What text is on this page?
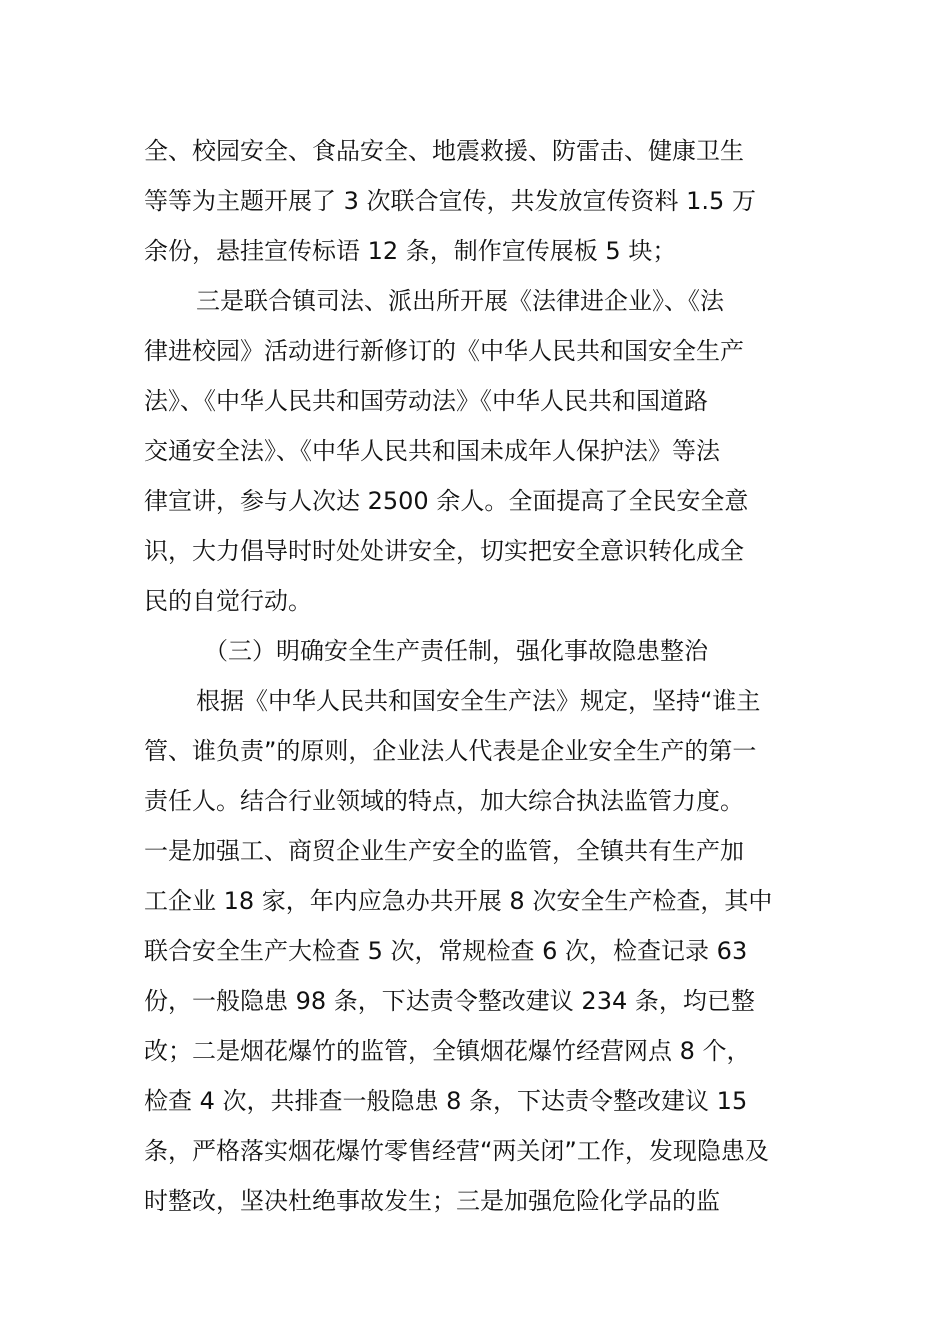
全、校园安全、食品安全、地震救援、防雷击、健康卫生
等等为主题开展了 3 次联合宣传，共发放宣传资料 1.5 万
余份，悬挂宣传标语 12 条，制作宣传展板 5 块；
三是联合镇司法、派出所开展《法律进企业》、《法
律进校园》活动进行新修订的《中华人民共和国安全生产
法》、《中华人民共和国劳动法》《中华人民共和国道路
交通安全法》、《中华人民共和国未成年人保护法》等法
律宣讲，参与人次达 2500 余人。全面提高了全民安全意
识，大力倡导时时处处讲安全，切实把安全意识转化成全
民的自觉行动。
（三）明确安全生产责任制，强化事故隐患整治
根据《中华人民共和国安全生产法》规定，坚持“谁主
管、谁负责”的原则，企业法人代表是企业安全生产的第一
责任人。结合行业领域的特点，加大综合执法监管力度。
一是加强工、商贸企业生产安全的监管，全镇共有生产加
工企业 18 家，年内应急办共开展 8 次安全生产检查，其中
联合安全生产大检查 5 次，常规检查 6 次，检查记录 63
份，一般隐患 98 条，下达责令整改建议 234 条，均已整
改；二是烟花爆竹的监管，全镇烟花爆竹经营网点 8 个，
检查 4 次，共排查一般隐患 8 条，下达责令整改建议 15
条，严格落实烟花爆竹零售经营“两关闭”工作，发现隐患及
时整改，坚决杜绝事故发生；三是加强危险化学品的监
